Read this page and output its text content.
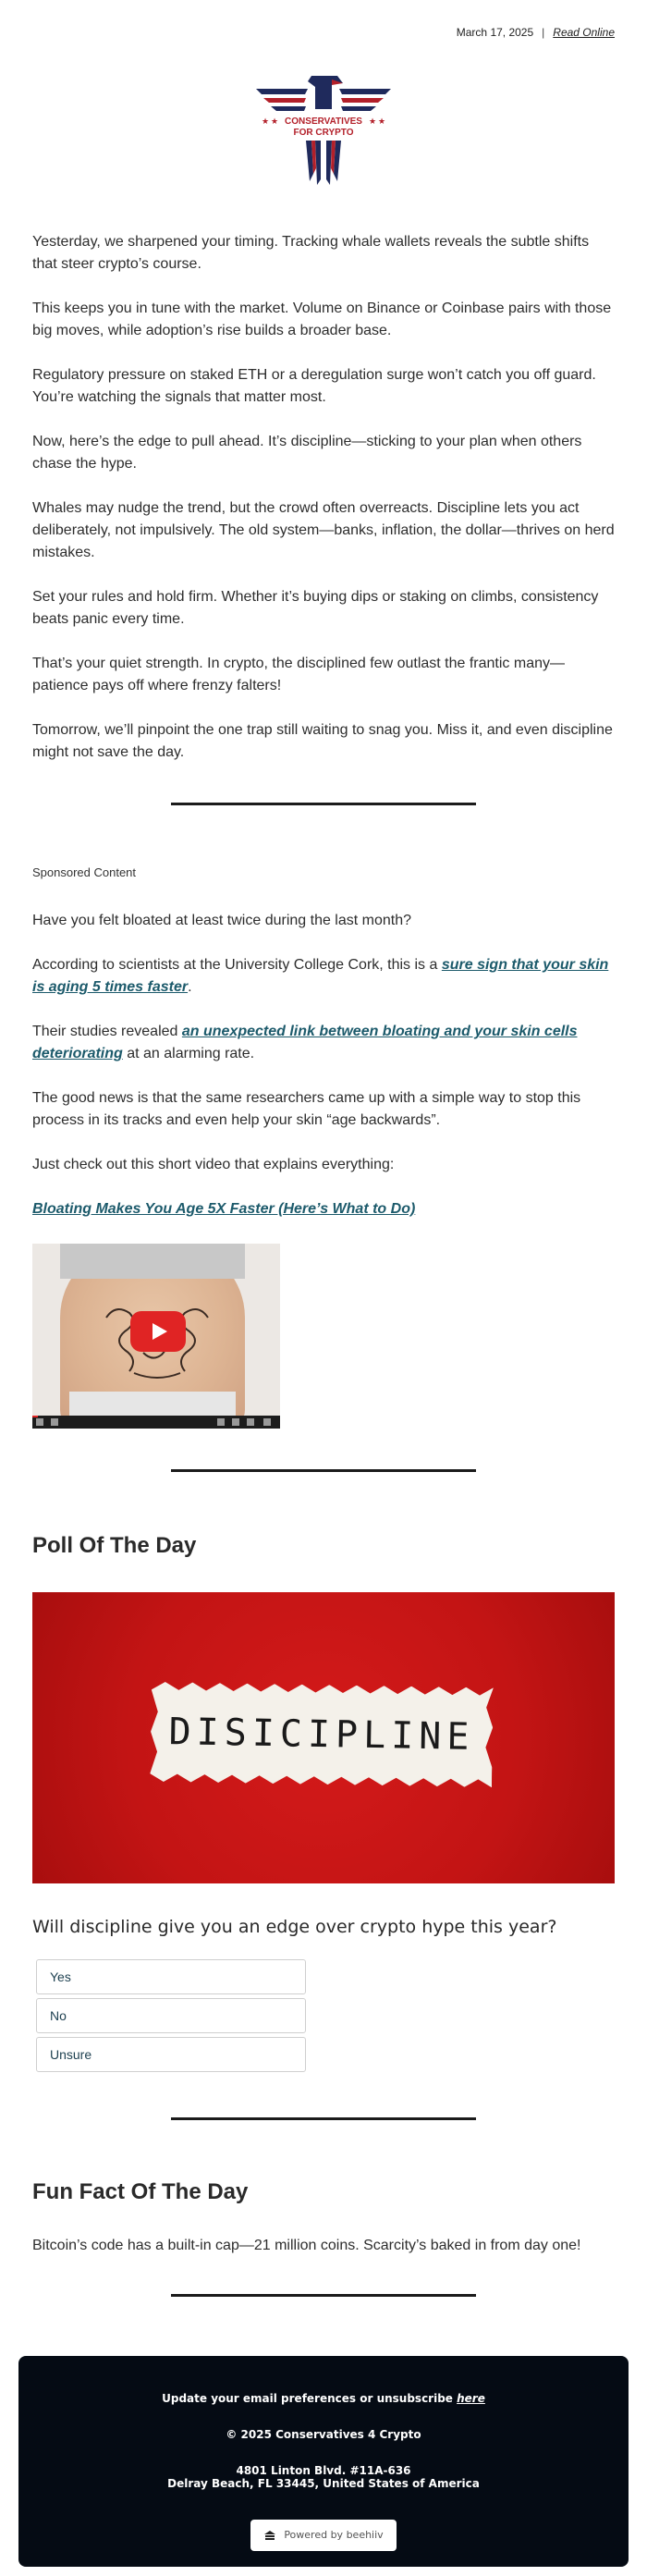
March 17, 2025 | Read Online
★ ★	★ ★
CONSERVATIVES
FOR CRYPTO

Yesterday, we sharpened your timing. Tracking whale wallets reveals the subtle shifts that steer crypto’s course.

This keeps you in tune with the market. Volume on Binance or Coinbase pairs with those big moves, while adoption’s rise builds a broader base.

Regulatory pressure on staked ETH or a deregulation surge won’t catch you off guard. You’re watching the signals that matter most.

Now, here’s the edge to pull ahead. It’s discipline—sticking to your plan when others chase the hype.

Whales may nudge the trend, but the crowd often overreacts. Discipline lets you act deliberately, not impulsively. The old system—banks, inflation, the dollar—thrives on herd mistakes.

Set your rules and hold firm. Whether it’s buying dips or staking on climbs, consistency beats panic every time.

That’s your quiet strength. In crypto, the disciplined few outlast the frantic many—patience pays off where frenzy falters!

Tomorrow, we’ll pinpoint the one trap still waiting to snag you. Miss it, and even discipline might not save the day.

Sponsored Content

Have you felt bloated at least twice during the last month?

According to scientists at the University College Cork, this is a sure sign that your skin is aging 5 times faster.

Their studies revealed an unexpected link between bloating and your skin cells deteriorating at an alarming rate.

The good news is that the same researchers came up with a simple way to stop this process in its tracks and even help your skin “age backwards”.

Just check out this short video that explains everything:

Bloating Makes You Age 5X Faster (Here’s What to Do)

Poll Of The Day
DISICIPLINE
Will discipline give you an edge over crypto hype this year?
Yes
No
Unsure
Fun Fact Of The Day

Bitcoin’s code has a built-in cap—21 million coins. Scarcity’s baked in from day one!

Update your email preferences or unsubscribe here
© 2025 Conservatives 4 Crypto
4801 Linton Blvd. #11A-636
Delray Beach, FL 33445, United States of America
Powered by beehiiv
